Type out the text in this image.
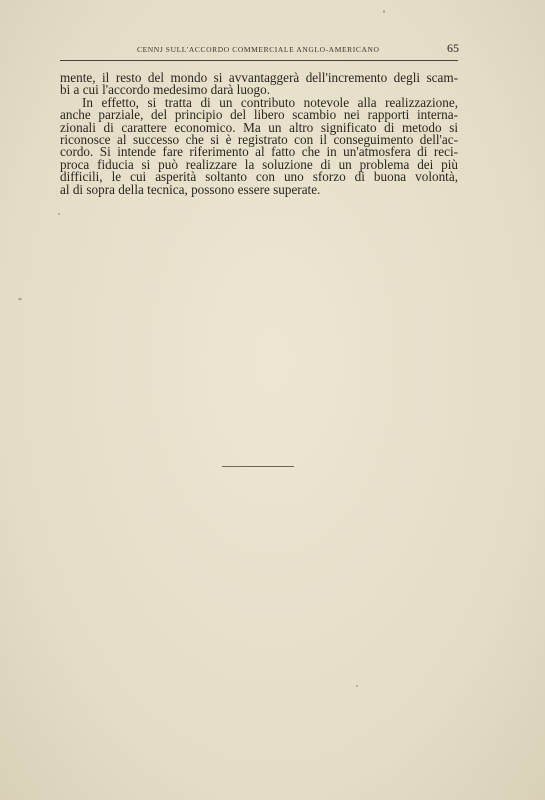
CENNJ SULL'ACCORDO COMMERCIALE ANGLO-AMERICANO	65
mente, il resto del mondo si avvantaggerà dell'incremento degli scam-
bi a cui l'accordo medesimo darà luogo.
In effetto, si tratta di un contributo notevole alla realizzazione,
anche parziale, del principio del libero scambio nei rapporti interna-
zionali di carattere economico. Ma un altro significato di metodo si
riconosce al successo che si è registrato con il conseguimento dell'ac-
cordo. Si intende fare riferimento al fatto che in un'atmosfera di reci-
proca fiducia si può realizzare la soluzione di un problema dei più
difficili, le cui asperità soltanto con uno sforzo di buona volontà,
al di sopra della tecnica, possono essere superate.
